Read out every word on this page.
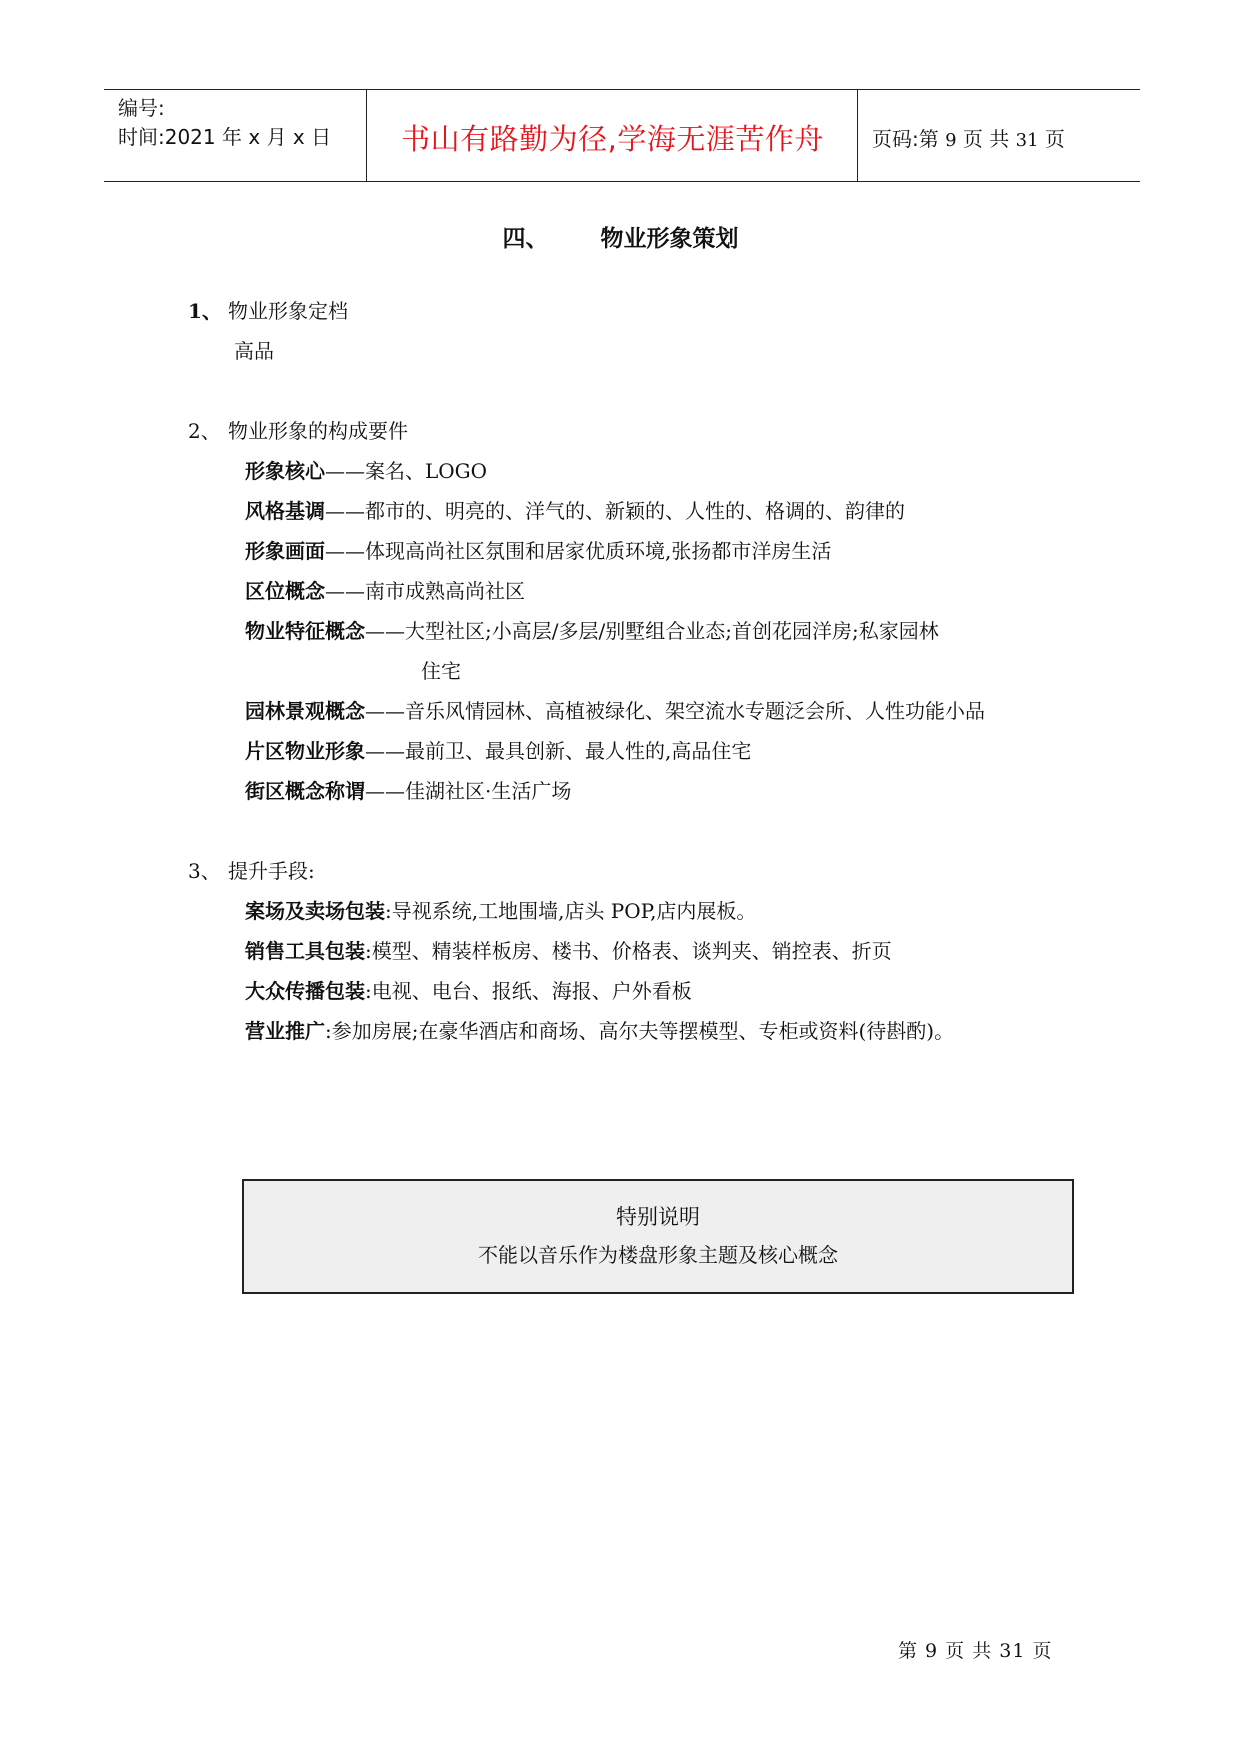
编号:
时间:2021 年 x 月 x 日	书山有路勤为径,学海无涯苦作舟	页码:第 9 页 共 31 页
四、 物业形象策划
1、 物业形象定档
高品
2、 物业形象的构成要件
形象核心——案名、LOGO
风格基调——都市的、明亮的、洋气的、新颖的、人性的、格调的、韵律的
形象画面——体现高尚社区氛围和居家优质环境,张扬都市洋房生活
区位概念——南市成熟高尚社区
物业特征概念——大型社区;小高层/多层/别墅组合业态;首创花园洋房;私家园林
住宅
园林景观概念——音乐风情园林、高植被绿化、架空流水专题泛会所、人性功能小品
片区物业形象——最前卫、最具创新、最人性的,高品住宅
街区概念称谓——佳湖社区·生活广场
3、 提升手段:
案场及卖场包装:导视系统,工地围墙,店头 POP,店内展板。
销售工具包装:模型、精装样板房、楼书、价格表、谈判夹、销控表、折页
大众传播包装:电视、电台、报纸、海报、户外看板
营业推广:参加房展;在豪华酒店和商场、高尔夫等摆模型、专柜或资料(待斟酌)。
特别说明
不能以音乐作为楼盘形象主题及核心概念
第 9 页 共 31 页
